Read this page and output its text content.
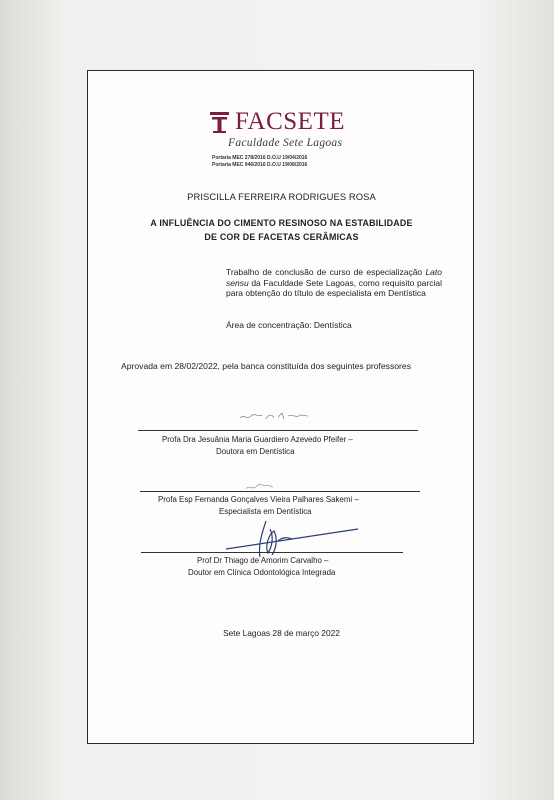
FACSETE
Faculdade Sete Lagoas
Portaria MEC 278/2016 D.O.U 19/04/2016
Portaria MEC 946/2016 D.O.U 19/08/2016
PRISCILLA FERREIRA RODRIGUES ROSA
A INFLUÊNCIA DO CIMENTO RESINOSO NA ESTABILIDADE
DE COR DE FACETAS CERÂMICAS
Trabalho de conclusão de curso de especialização Lato sensu da Faculdade Sete Lagoas, como requisito parcial para obtenção do título de especialista em Dentística
Área de concentração: Dentística
Aprovada em 28/02/2022, pela banca constituída dos seguintes professores
Profa Dra Jesuânia Maria Guardiero Azevedo Pfeifer –
Doutora em Dentística
Profa Esp Fernanda Gonçalves Vieira Palhares Sakemi –
Especialista em Dentística
Prof Dr Thiago de Amorim Carvalho –
Doutor em Clínica Odontológica Integrada
Sete Lagoas 28 de março 2022
